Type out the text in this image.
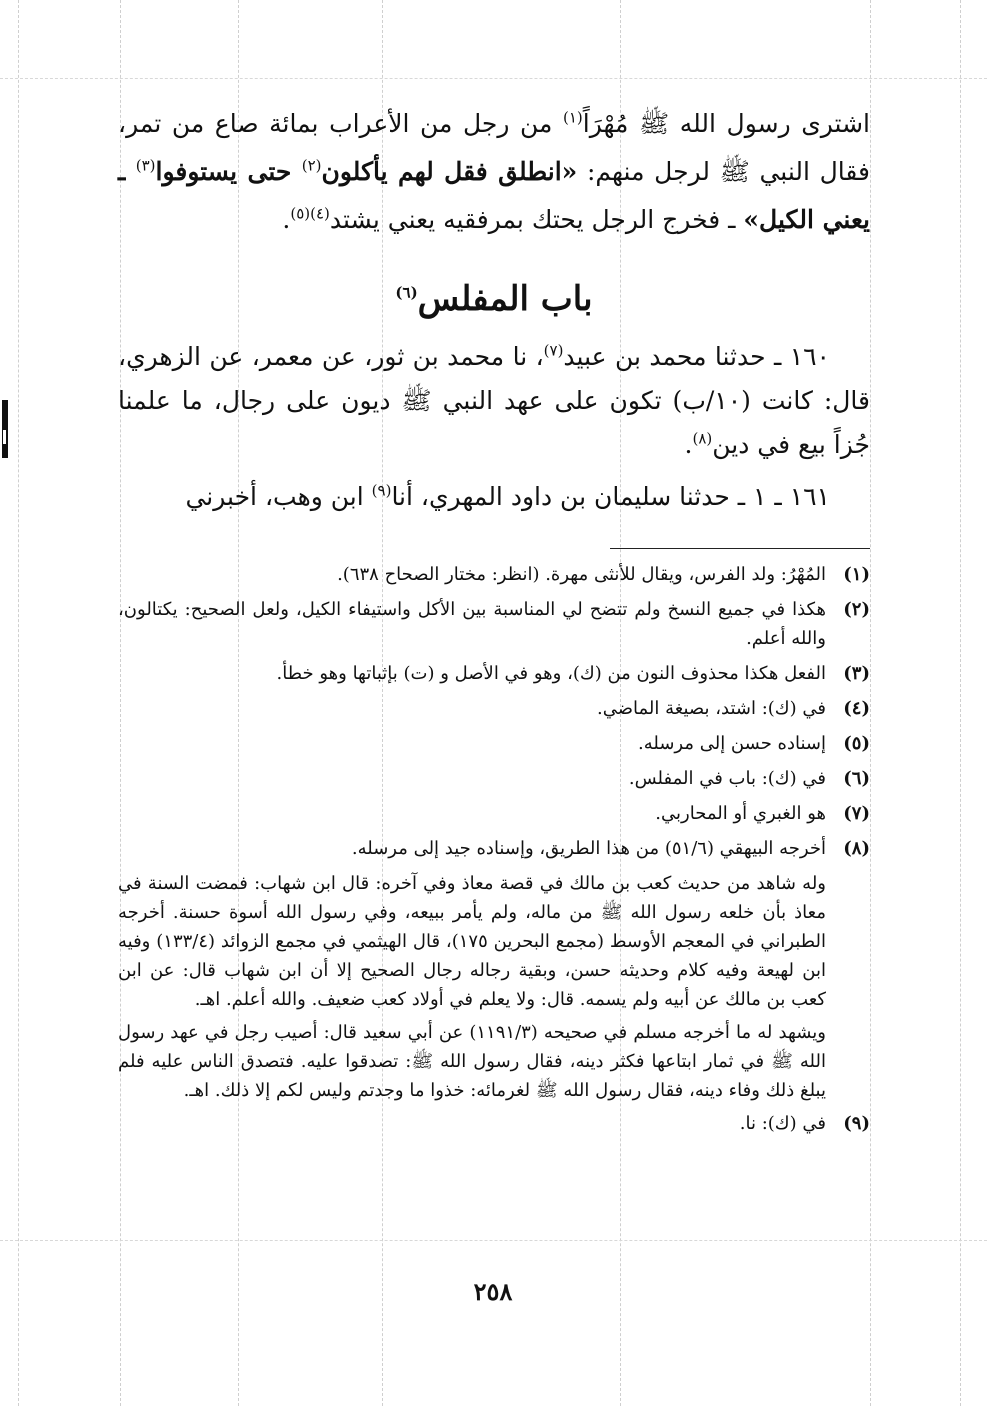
اشترى رسول الله ﷺ مُهْرَاً$^{(١)}$ من رجل من الأعراب بمائة صاع من تمر، فقال النبي ﷺ لرجل منهم: «انطلق فقل لهم يأكلون$^{(٢)}$ حتى يستوفوا$^{(٣)}$ ـ يعني الكيل» ـ فخرج الرجل يحتك بمرفقيه يعني يشتد$^{(٤)(٥)}$.

باب المفلس$^{(٦)}$

١٦٠ ـ حدثنا محمد بن عبيد$^{(٧)}$، نا محمد بن ثور، عن معمر، عن الزهري، قال: كانت (١٠/ب) تكون على عهد النبي ﷺ ديون على رجال، ما علمنا جُزاً بيع في دين$^{(٨)}$.

١٦١ ـ ١ ـ حدثنا سليمان بن داود المهري، أنا$^{(٩)}$ ابن وهب، أخبرني

(١)
المُهْرُ: ولد الفرس، ويقال للأنثى مهرة. (انظر: مختار الصحاح ٦٣٨).
(٢)
هكذا في جميع النسخ ولم تتضح لي المناسبة بين الأكل واستيفاء الكيل، ولعل الصحيح: يكتالون، والله أعلم.
(٣)
الفعل هكذا محذوف النون من (ك)، وهو في الأصل و (ت) بإثباتها وهو خطأ.
(٤)
في (ك): اشتد، بصيغة الماضي.
(٥)
إسناده حسن إلى مرسله.
(٦)
في (ك): باب في المفلس.
(٧)
هو الغبري أو المحاربي.
(٨)
أخرجه البيهقي (٥١/٦) من هذا الطريق، وإسناده جيد إلى مرسله.
وله شاهد من حديث كعب بن مالك في قصة معاذ وفي آخره: قال ابن شهاب: فمضت السنة في معاذ بأن خلعه رسول الله ﷺ من ماله، ولم يأمر ببيعه، وفي رسول الله أسوة حسنة. أخرجه الطبراني في المعجم الأوسط (مجمع البحرين ١٧٥)، قال الهيثمي في مجمع الزوائد (١٣٣/٤) وفيه ابن لهيعة وفيه كلام وحديثه حسن، وبقية رجاله رجال الصحيح إلا أن ابن شهاب قال: عن ابن كعب بن مالك عن أبيه ولم يسمه. قال: ولا يعلم في أولاد كعب ضعيف. والله أعلم. اهـ.
ويشهد له ما أخرجه مسلم في صحيحه (١١٩١/٣) عن أبي سعيد قال: أصيب رجل في عهد رسول الله ﷺ في ثمار ابتاعها فكثر دينه، فقال رسول الله ﷺ: تصدقوا عليه. فتصدق الناس عليه فلم يبلغ ذلك وفاء دينه، فقال رسول الله ﷺ لغرمائه: خذوا ما وجدتم وليس لكم إلا ذلك. اهـ.
(٩)
في (ك): نا.
٢٥٨
